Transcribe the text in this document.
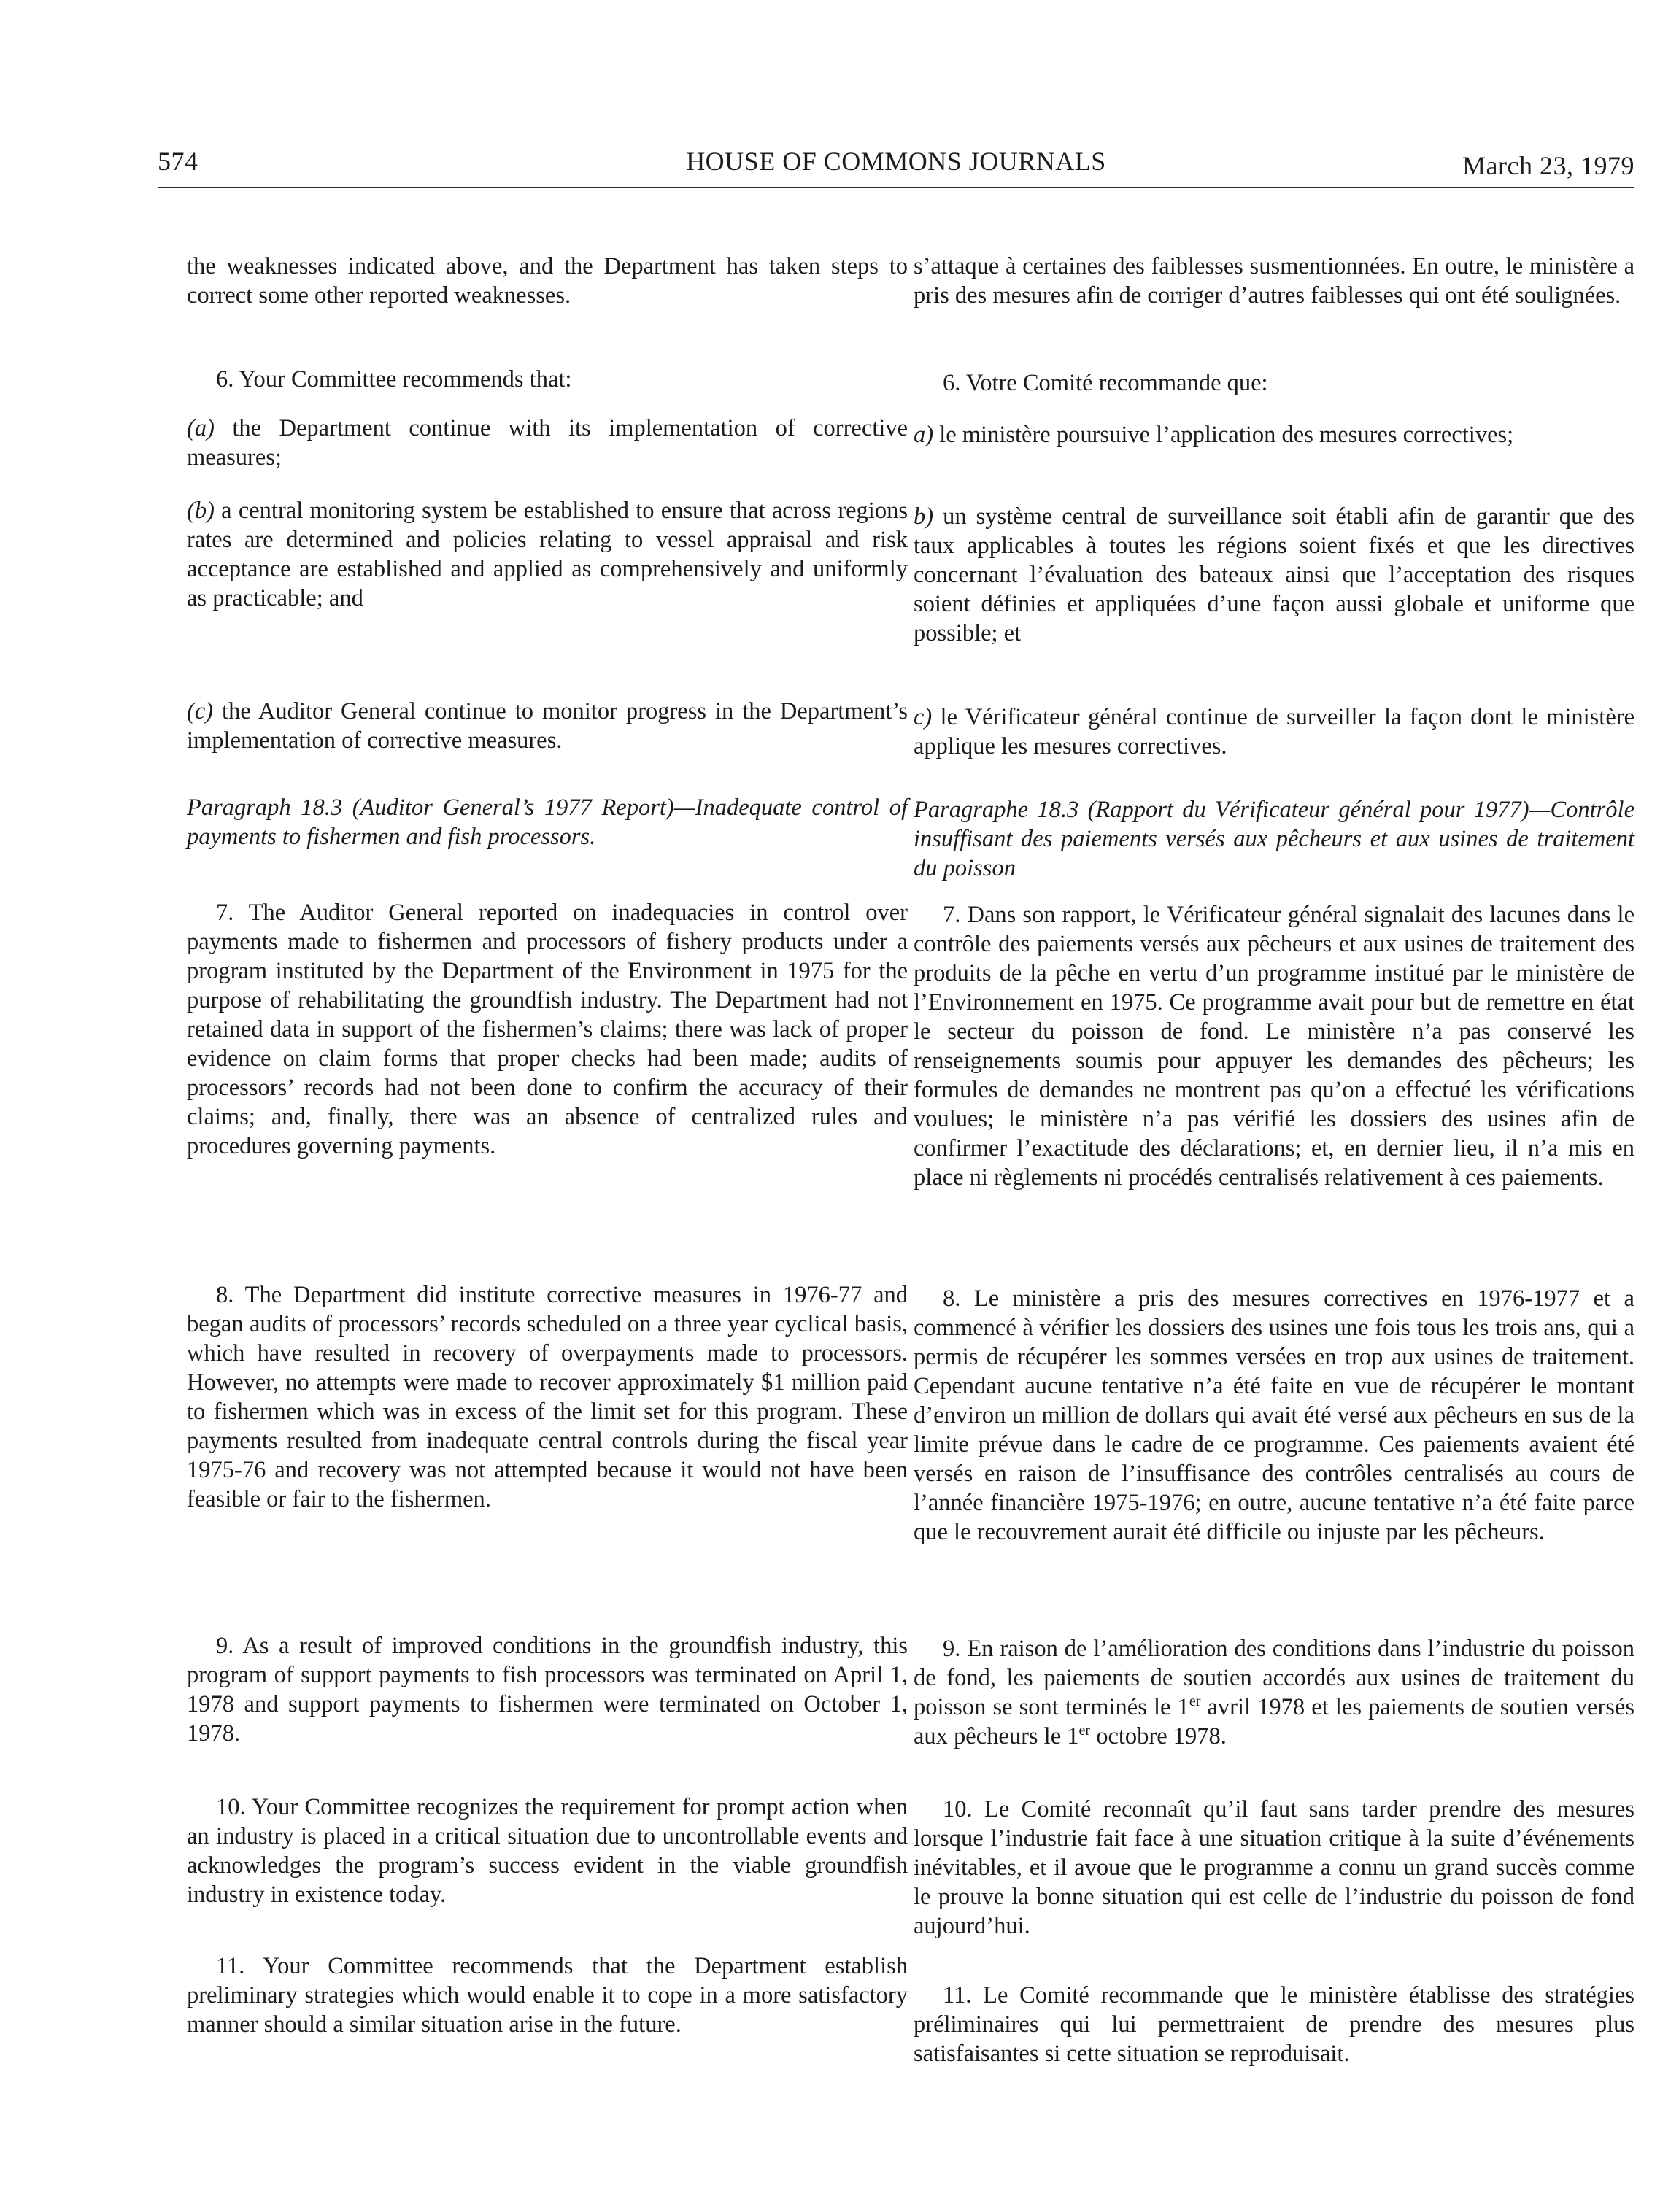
574	HOUSE OF COMMONS JOURNALS	March 23, 1979

the weaknesses indicated above, and the Department has taken steps to correct some other reported weaknesses.

6. Your Committee recommends that:

(a) the Department continue with its implementation of corrective measures;

(b) a central monitoring system be established to ensure that across regions rates are determined and policies relating to vessel appraisal and risk acceptance are established and applied as comprehensively and uniformly as practicable; and

(c) the Auditor General continue to monitor progress in the Department’s implementation of corrective measures.

Paragraph 18.3 (Auditor General’s 1977 Report)—Inadequate control of payments to fishermen and fish processors.

7. The Auditor General reported on inadequacies in control over payments made to fishermen and processors of fishery products under a program instituted by the Department of the Environment in 1975 for the purpose of rehabilitating the groundfish industry. The Department had not retained data in support of the fishermen’s claims; there was lack of proper evidence on claim forms that proper checks had been made; audits of processors’ records had not been done to confirm the accuracy of their claims; and, finally, there was an absence of centralized rules and procedures governing payments.

8. The Department did institute corrective measures in 1976-77 and began audits of processors’ records scheduled on a three year cyclical basis, which have resulted in recovery of overpayments made to processors. However, no attempts were made to recover approximately $1 million paid to fishermen which was in excess of the limit set for this program. These payments resulted from inadequate central controls during the fiscal year 1975-76 and recovery was not attempted because it would not have been feasible or fair to the fishermen.

9. As a result of improved conditions in the groundfish industry, this program of support payments to fish processors was terminated on April 1, 1978 and support payments to fishermen were terminated on October 1, 1978.

10. Your Committee recognizes the requirement for prompt action when an industry is placed in a critical situation due to uncontrollable events and acknowledges the program’s success evident in the viable groundfish industry in existence today.

11. Your Committee recommends that the Department establish preliminary strategies which would enable it to cope in a more satisfactory manner should a similar situation arise in the future.

s’attaque à certaines des faiblesses susmentionnées. En outre, le ministère a pris des mesures afin de corriger d’autres faiblesses qui ont été soulignées.

6. Votre Comité recommande que:

a) le ministère poursuive l’application des mesures correctives;

b) un système central de surveillance soit établi afin de garantir que des taux applicables à toutes les régions soient fixés et que les directives concernant l’évaluation des bateaux ainsi que l’acceptation des risques soient définies et appliquées d’une façon aussi globale et uniforme que possible; et

c) le Vérificateur général continue de surveiller la façon dont le ministère applique les mesures correctives.

Paragraphe 18.3 (Rapport du Vérificateur général pour 1977)—Contrôle insuffisant des paiements versés aux pêcheurs et aux usines de traitement du poisson

7. Dans son rapport, le Vérificateur général signalait des lacunes dans le contrôle des paiements versés aux pêcheurs et aux usines de traitement des produits de la pêche en vertu d’un programme institué par le ministère de l’Environnement en 1975. Ce programme avait pour but de remettre en état le secteur du poisson de fond. Le ministère n’a pas conservé les renseignements soumis pour appuyer les demandes des pêcheurs; les formules de demandes ne montrent pas qu’on a effectué les vérifications voulues; le ministère n’a pas vérifié les dossiers des usines afin de confirmer l’exactitude des déclarations; et, en dernier lieu, il n’a mis en place ni règlements ni procédés centralisés relativement à ces paiements.

8. Le ministère a pris des mesures correctives en 1976-1977 et a commencé à vérifier les dossiers des usines une fois tous les trois ans, qui a permis de récupérer les sommes versées en trop aux usines de traitement. Cependant aucune tentative n’a été faite en vue de récupérer le montant d’environ un million de dollars qui avait été versé aux pêcheurs en sus de la limite prévue dans le cadre de ce programme. Ces paiements avaient été versés en raison de l’insuffisance des contrôles centralisés au cours de l’année financière 1975-1976; en outre, aucune tentative n’a été faite parce que le recouvrement aurait été difficile ou injuste par les pêcheurs.

9. En raison de l’amélioration des conditions dans l’industrie du poisson de fond, les paiements de soutien accordés aux usines de traitement du poisson se sont terminés le 1er avril 1978 et les paiements de soutien versés aux pêcheurs le 1er octobre 1978.

10. Le Comité reconnaît qu’il faut sans tarder prendre des mesures lorsque l’industrie fait face à une situation critique à la suite d’événements inévitables, et il avoue que le programme a connu un grand succès comme le prouve la bonne situation qui est celle de l’industrie du poisson de fond aujourd’hui.

11. Le Comité recommande que le ministère établisse des stratégies préliminaires qui lui permettraient de prendre des mesures plus satisfaisantes si cette situation se reproduisait.
